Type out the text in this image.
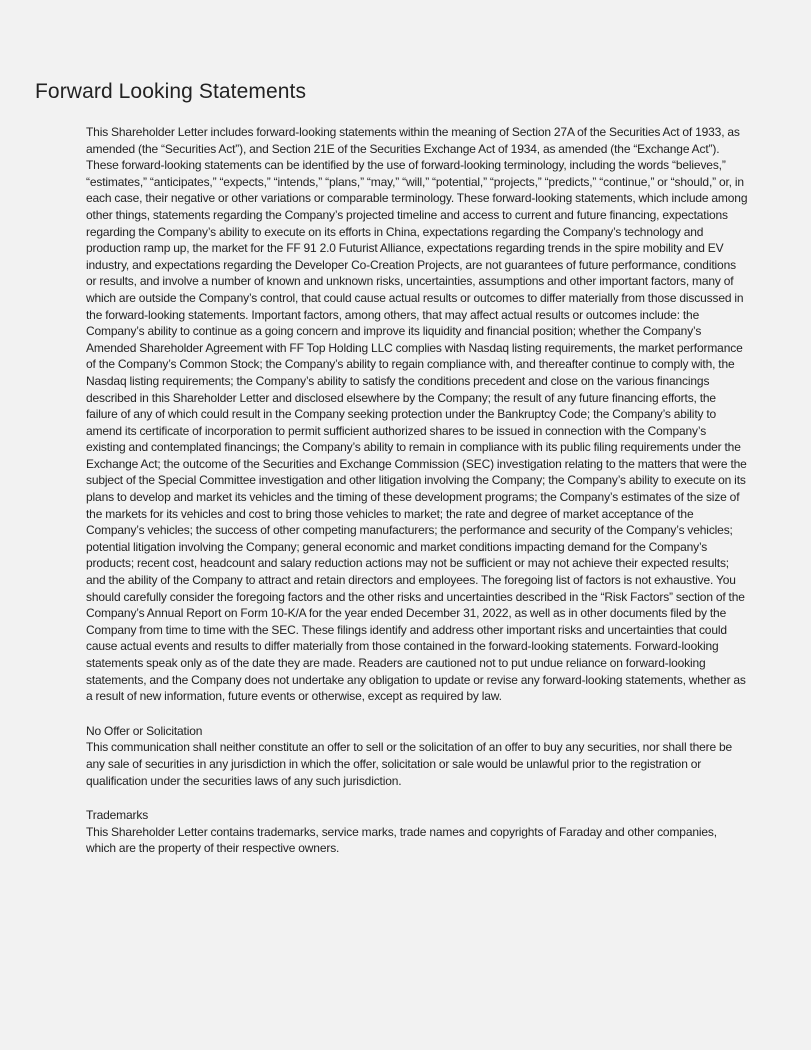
Forward Looking Statements

This Shareholder Letter includes forward-looking statements within the meaning of Section 27A of the Securities Act of 1933, as amended (the “Securities Act”), and Section 21E of the Securities Exchange Act of 1934, as amended (the “Exchange Act”). These forward-looking statements can be identified by the use of forward-looking terminology, including the words “believes,” “estimates,” “anticipates,” “expects,” “intends,” “plans,” “may,” “will,” “potential,” “projects,” “predicts,” “continue,” or “should,” or, in each case, their negative or other variations or comparable terminology. These forward-looking statements, which include among other things, statements regarding the Company’s projected timeline and access to current and future financing, expectations regarding the Company’s ability to execute on its efforts in China, expectations regarding the Company’s technology and production ramp up, the market for the FF 91 2.0 Futurist Alliance, expectations regarding trends in the spire mobility and EV industry, and expectations regarding the Developer Co-Creation Projects, are not guarantees of future performance, conditions or results, and involve a number of known and unknown risks, uncertainties, assumptions and other important factors, many of which are outside the Company’s control, that could cause actual results or outcomes to differ materially from those discussed in the forward-looking statements. Important factors, among others, that may affect actual results or outcomes include: the Company’s ability to continue as a going concern and improve its liquidity and financial position; whether the Company’s Amended Shareholder Agreement with FF Top Holding LLC complies with Nasdaq listing requirements, the market performance of the Company’s Common Stock; the Company’s ability to regain compliance with, and thereafter continue to comply with, the Nasdaq listing requirements; the Company’s ability to satisfy the conditions precedent and close on the various financings described in this Shareholder Letter and disclosed elsewhere by the Company; the result of any future financing efforts, the failure of any of which could result in the Company seeking protection under the Bankruptcy Code; the Company’s ability to amend its certificate of incorporation to permit sufficient authorized shares to be issued in connection with the Company’s existing and contemplated financings; the Company’s ability to remain in compliance with its public filing requirements under the Exchange Act; the outcome of the Securities and Exchange Commission (SEC) investigation relating to the matters that were the subject of the Special Committee investigation and other litigation involving the Company; the Company’s ability to execute on its plans to develop and market its vehicles and the timing of these development programs; the Company’s estimates of the size of the markets for its vehicles and cost to bring those vehicles to market; the rate and degree of market acceptance of the Company’s vehicles; the success of other competing manufacturers; the performance and security of the Company’s vehicles; potential litigation involving the Company; general economic and market conditions impacting demand for the Company’s products; recent cost, headcount and salary reduction actions may not be sufficient or may not achieve their expected results; and the ability of the Company to attract and retain directors and employees. The foregoing list of factors is not exhaustive. You should carefully consider the foregoing factors and the other risks and uncertainties described in the “Risk Factors” section of the Company’s Annual Report on Form 10-K/A for the year ended December 31, 2022, as well as in other documents filed by the Company from time to time with the SEC. These filings identify and address other important risks and uncertainties that could cause actual events and results to differ materially from those contained in the forward-looking statements. Forward-looking statements speak only as of the date they are made. Readers are cautioned not to put undue reliance on forward-looking statements, and the Company does not undertake any obligation to update or revise any forward-looking statements, whether as a result of new information, future events or otherwise, except as required by law.

No Offer or Solicitation

This communication shall neither constitute an offer to sell or the solicitation of an offer to buy any securities, nor shall there be any sale of securities in any jurisdiction in which the offer, solicitation or sale would be unlawful prior to the registration or qualification under the securities laws of any such jurisdiction.

Trademarks

This Shareholder Letter contains trademarks, service marks, trade names and copyrights of Faraday and other companies, which are the property of their respective owners.
